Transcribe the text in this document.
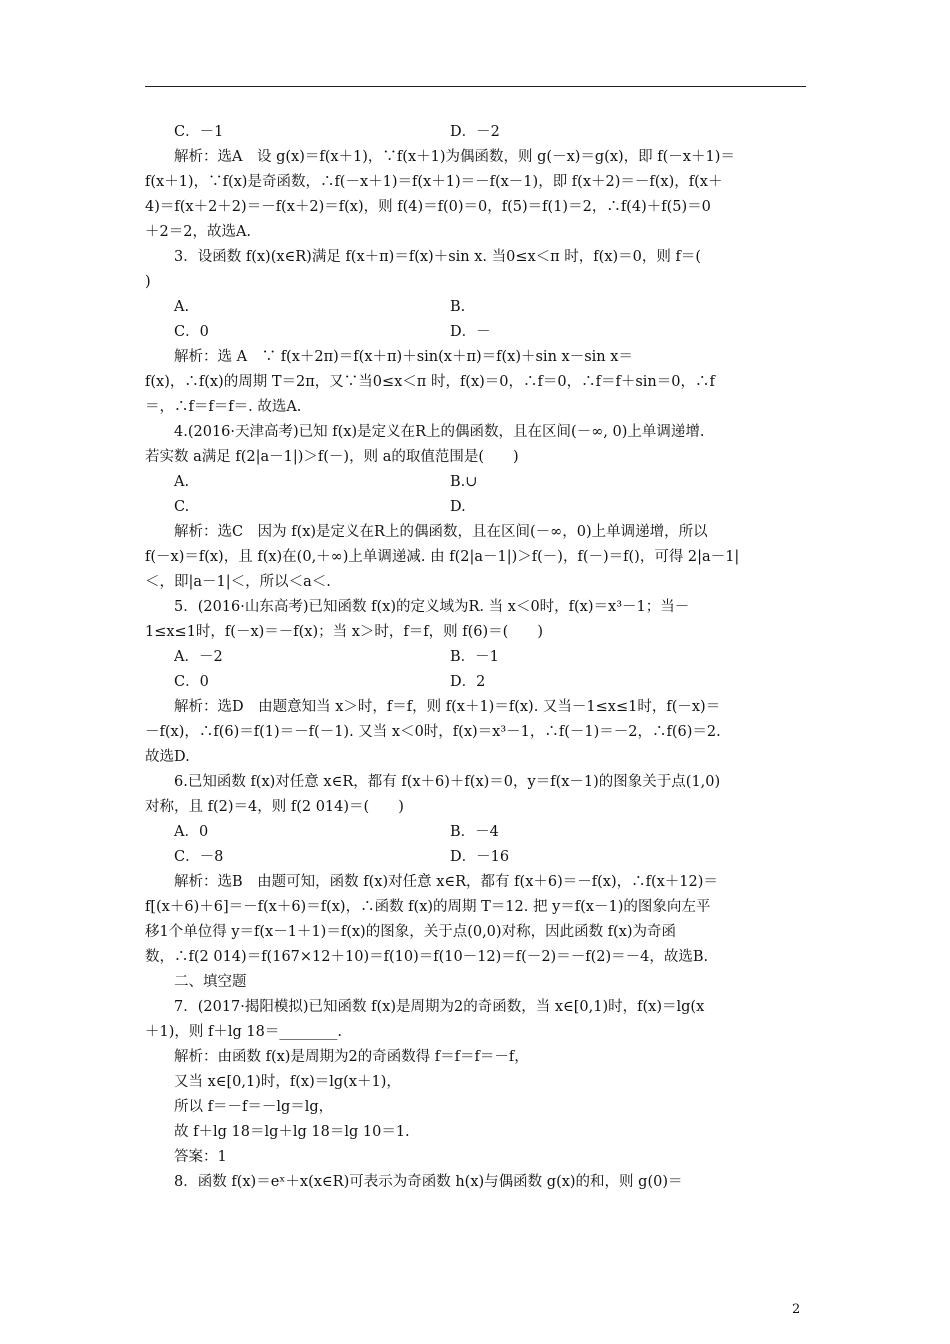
C．－1	D．－2
解析：选A　设 g(x)＝f(x＋1)，∵f(x＋1)为偶函数，则 g(－x)＝g(x)，即 f(－x＋1)＝
f(x＋1)，∵f(x)是奇函数，∴f(－x＋1)＝f(x＋1)＝－f(x－1)，即 f(x＋2)＝－f(x)，f(x＋
4)＝f(x＋2＋2)＝－f(x＋2)＝f(x)，则 f(4)＝f(0)＝0，f(5)＝f(1)＝2，∴f(4)＋f(5)＝0
＋2＝2，故选A.
3．设函数 f(x)(x∈R)满足 f(x＋π)＝f(x)＋sin x. 当0≤x＜π 时，f(x)＝0，则 f＝(
)
A.	B.
C．0	D．－
解析：选 A　∵ f(x＋2π)＝f(x＋π)＋sin(x＋π)＝f(x)＋sin x－sin x＝
f(x)，∴f(x)的周期 T＝2π，又∵当0≤x＜π 时，f(x)＝0，∴f＝0，∴f＝f＋sin＝0，∴f
＝，∴f＝f＝f＝. 故选A.
4.(2016·天津高考)已知 f(x)是定义在R上的偶函数，且在区间(－∞, 0)上单调递增.
若实数 a满足 f(2|a－1|)＞f(－)，则 a的取值范围是(　　)
A.	B.∪
C.	D.
解析：选C　因为 f(x)是定义在R上的偶函数，且在区间(－∞，0)上单调递增，所以
f(－x)＝f(x)，且 f(x)在(0,＋∞)上单调递减. 由 f(2|a－1|)＞f(－)，f(－)＝f()，可得 2|a－1|
＜，即|a－1|＜，所以＜a＜.
5．(2016·山东高考)已知函数 f(x)的定义域为R. 当 x＜0时，f(x)＝x³－1；当－
1≤x≤1时，f(－x)＝－f(x)；当 x＞时，f＝f，则 f(6)＝(　　)
A．－2	B．－1
C．0	D．2
解析：选D　由题意知当 x＞时，f＝f，则 f(x＋1)＝f(x). 又当－1≤x≤1时，f(－x)＝
－f(x)，∴f(6)＝f(1)＝－f(－1). 又当 x＜0时，f(x)＝x³－1，∴f(－1)＝－2，∴f(6)＝2.
故选D.
6.已知函数 f(x)对任意 x∈R，都有 f(x＋6)＋f(x)＝0，y＝f(x－1)的图象关于点(1,0)
对称，且 f(2)＝4，则 f(2 014)＝(　　)
A．0	B．－4
C．－8	D．－16
解析：选B　由题可知，函数 f(x)对任意 x∈R，都有 f(x＋6)＝－f(x)，∴f(x＋12)＝
f[(x＋6)＋6]＝－f(x＋6)＝f(x)，∴函数 f(x)的周期 T＝12. 把 y＝f(x－1)的图象向左平
移1个单位得 y＝f(x－1＋1)＝f(x)的图象，关于点(0,0)对称，因此函数 f(x)为奇函
数，∴f(2 014)＝f(167×12＋10)＝f(10)＝f(10－12)＝f(－2)＝－f(2)＝－4，故选B.
二、填空题
7．(2017·揭阳模拟)已知函数 f(x)是周期为2的奇函数，当 x∈[0,1)时，f(x)＝lg(x
＋1)，则 f＋lg 18＝________.
解析：由函数 f(x)是周期为2的奇函数得 f＝f＝f＝－f，
又当 x∈[0,1)时，f(x)＝lg(x＋1)，
所以 f＝－f＝－lg＝lg，
故 f＋lg 18＝lg＋lg 18＝lg 10＝1.
答案：1
8．函数 f(x)＝eˣ＋x(x∈R)可表示为奇函数 h(x)与偶函数 g(x)的和，则 g(0)＝
2
